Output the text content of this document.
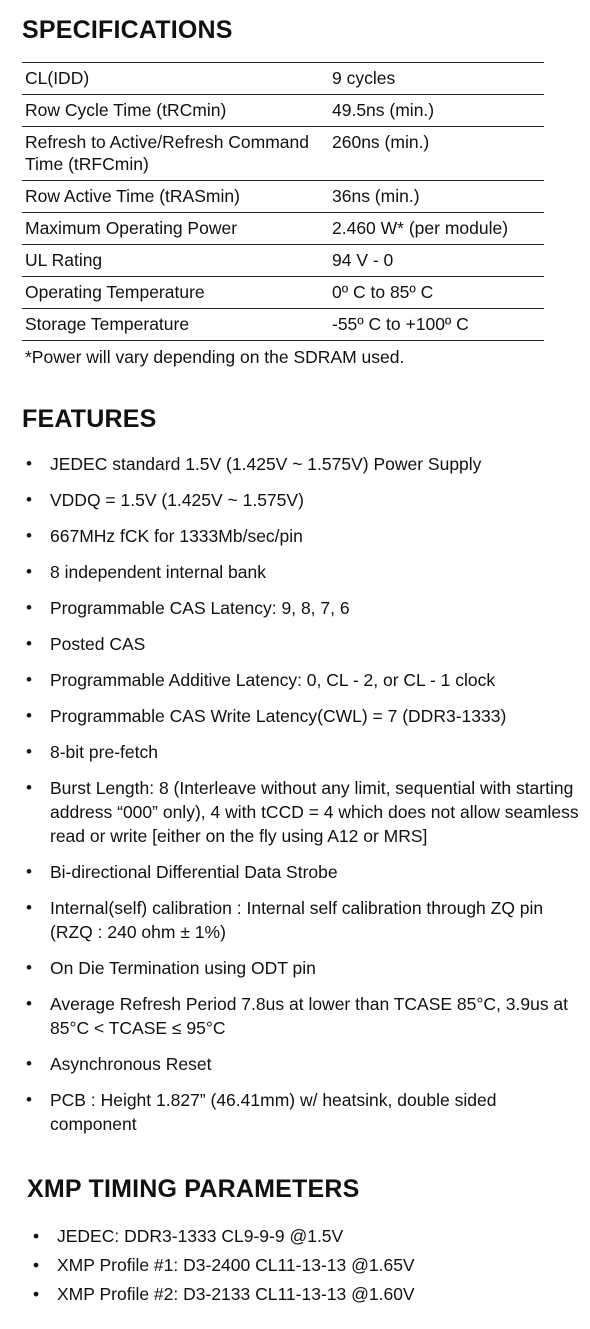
SPECIFICATIONS
CL(IDD)	9 cycles
Row Cycle Time (tRCmin)	49.5ns (min.)
Refresh to Active/Refresh Command Time (tRFCmin)	260ns (min.)
Row Active Time (tRASmin)	36ns (min.)
Maximum Operating Power	2.460 W* (per module)
UL Rating	94 V - 0
Operating Temperature	0º C to 85º C
Storage Temperature	-55º C to +100º C

*Power will vary depending on the SDRAM used.

FEATURES
• JEDEC standard 1.5V (1.425V ~ 1.575V) Power Supply
• VDDQ = 1.5V (1.425V ~ 1.575V)
• 667MHz fCK for 1333Mb/sec/pin
• 8 independent internal bank
• Programmable CAS Latency: 9, 8, 7, 6
• Posted CAS
• Programmable Additive Latency: 0, CL - 2, or CL - 1 clock
• Programmable CAS Write Latency(CWL) = 7 (DDR3-1333)
• 8-bit pre-fetch
• Burst Length: 8 (Interleave without any limit, sequential with starting address “000” only), 4 with tCCD = 4 which does not allow seamless read or write [either on the fly using A12 or MRS]
• Bi-directional Differential Data Strobe
• Internal(self) calibration : Internal self calibration through ZQ pin (RZQ : 240 ohm ± 1%)
• On Die Termination using ODT pin
• Average Refresh Period 7.8us at lower than TCASE 85°C, 3.9us at 85°C < TCASE ≤ 95°C
• Asynchronous Reset
• PCB : Height 1.827” (46.41mm) w/ heatsink, double sided component
XMP TIMING PARAMETERS
• JEDEC: DDR3-1333 CL9-9-9 @1.5V
• XMP Profile #1: D3-2400 CL11-13-13 @1.65V
• XMP Profile #2: D3-2133 CL11-13-13 @1.60V
